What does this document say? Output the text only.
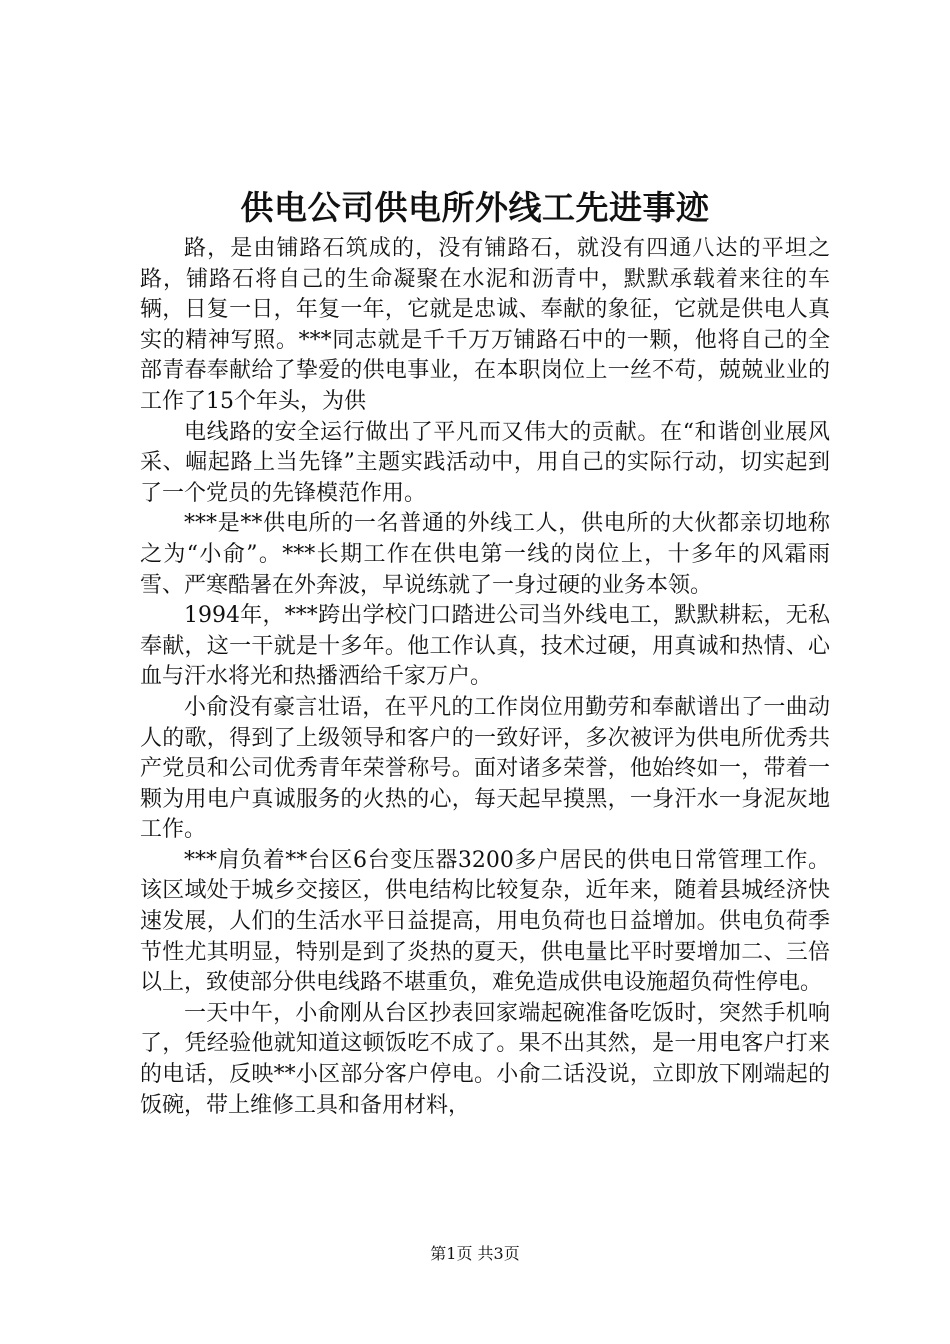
供电公司供电所外线工先进事迹

路，是由铺路石筑成的，没有铺路石，就没有四通八达的平坦之路，铺路石将自己的生命凝聚在水泥和沥青中，默默承载着来往的车辆，日复一日，年复一年，它就是忠诚、奉献的象征，它就是供电人真实的精神写照。***同志就是千千万万铺路石中的一颗，他将自己的全部青春奉献给了挚爱的供电事业，在本职岗位上一丝不苟，兢兢业业的工作了15个年头，为供

电线路的安全运行做出了平凡而又伟大的贡献。在“和谐创业展风采、崛起路上当先锋”主题实践活动中，用自己的实际行动，切实起到了一个党员的先锋模范作用。

***是**供电所的一名普通的外线工人，供电所的大伙都亲切地称之为“小俞”。***长期工作在供电第一线的岗位上，十多年的风霜雨雪、严寒酷暑在外奔波，早说练就了一身过硬的业务本领。

1994年，***跨出学校门口踏进公司当外线电工，默默耕耘，无私奉献，这一干就是十多年。他工作认真，技术过硬，用真诚和热情、心血与汗水将光和热播洒给千家万户。

小俞没有豪言壮语，在平凡的工作岗位用勤劳和奉献谱出了一曲动人的歌，得到了上级领导和客户的一致好评，多次被评为供电所优秀共产党员和公司优秀青年荣誉称号。面对诸多荣誉，他始终如一，带着一颗为用电户真诚服务的火热的心，每天起早摸黑，一身汗水一身泥灰地工作。

***肩负着**台区6台变压器3200多户居民的供电日常管理工作。该区域处于城乡交接区，供电结构比较复杂，近年来，随着县城经济快速发展，人们的生活水平日益提高，用电负荷也日益增加。供电负荷季节性尤其明显，特别是到了炎热的夏天，供电量比平时要增加二、三倍以上，致使部分供电线路不堪重负，难免造成供电设施超负荷性停电。

一天中午，小俞刚从台区抄表回家端起碗准备吃饭时，突然手机响了，凭经验他就知道这顿饭吃不成了。果不出其然，是一用电客户打来的电话，反映**小区部分客户停电。小俞二话没说，立即放下刚端起的饭碗，带上维修工具和备用材料，

第1页 共3页
